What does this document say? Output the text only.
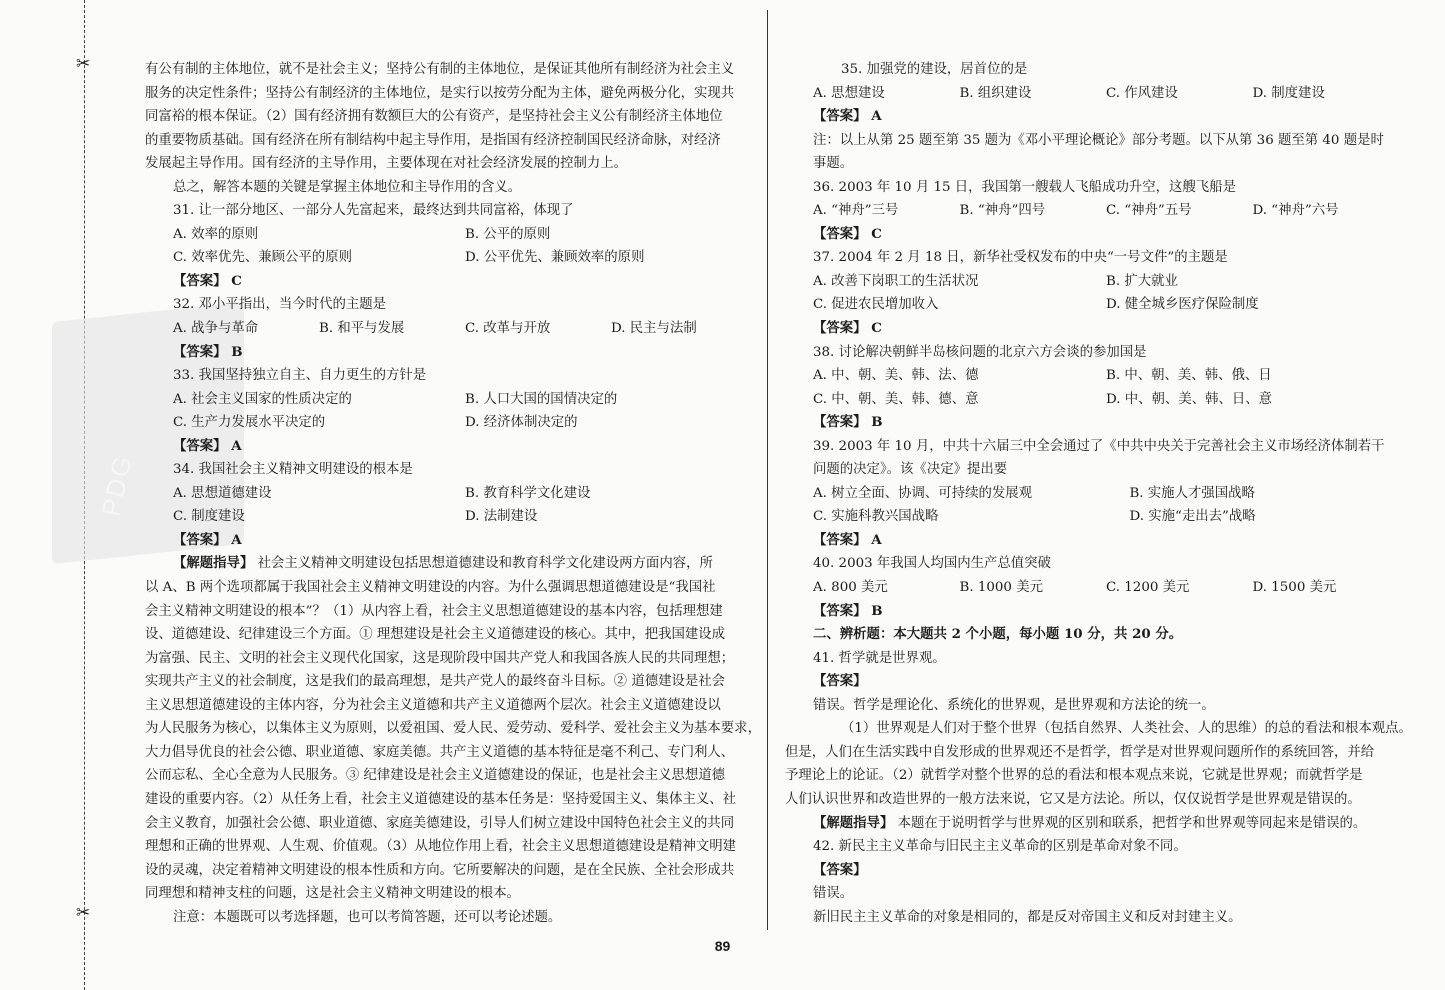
✂
✂
PDG

有公有制的主体地位，就不是社会主义；坚持公有制的主体地位，是保证其他所有制经济为社会主义

服务的决定性条件；坚持公有制经济的主体地位，是实行以按劳分配为主体，避免两极分化，实现共

同富裕的根本保证。（2）国有经济拥有数额巨大的公有资产，是坚持社会主义公有制经济主体地位

的重要物质基础。国有经济在所有制结构中起主导作用，是指国有经济控制国民经济命脉，对经济

发展起主导作用。国有经济的主导作用，主要体现在对社会经济发展的控制力上。

总之，解答本题的关键是掌握主体地位和主导作用的含义。

31. 让一部分地区、一部分人先富起来，最终达到共同富裕，体现了

A. 效率的原则	B. 公平的原则
C. 效率优先、兼顾公平的原则	D. 公平优先、兼顾效率的原则

【答案】 C

32. 邓小平指出，当今时代的主题是

A. 战争与革命	B. 和平与发展	C. 改革与开放	D. 民主与法制

【答案】 B

33. 我国坚持独立自主、自力更生的方针是

A. 社会主义国家的性质决定的	B. 人口大国的国情决定的
C. 生产力发展水平决定的	D. 经济体制决定的

【答案】 A

34. 我国社会主义精神文明建设的根本是

A. 思想道德建设	B. 教育科学文化建设
C. 制度建设	D. 法制建设

【答案】 A

【解题指导】 社会主义精神文明建设包括思想道德建设和教育科学文化建设两方面内容，所

以 A、B 两个选项都属于我国社会主义精神文明建设的内容。为什么强调思想道德建设是“我国社

会主义精神文明建设的根本”？（1）从内容上看，社会主义思想道德建设的基本内容，包括理想建

设、道德建设、纪律建设三个方面。① 理想建设是社会主义道德建设的核心。其中，把我国建设成

为富强、民主、文明的社会主义现代化国家，这是现阶段中国共产党人和我国各族人民的共同理想；

实现共产主义的社会制度，这是我们的最高理想，是共产党人的最终奋斗目标。② 道德建设是社会

主义思想道德建设的主体内容，分为社会主义道德和共产主义道德两个层次。社会主义道德建设以

为人民服务为核心，以集体主义为原则，以爱祖国、爱人民、爱劳动、爱科学、爱社会主义为基本要求，

大力倡导优良的社会公德、职业道德、家庭美德。共产主义道德的基本特征是毫不利己、专门利人、

公而忘私、全心全意为人民服务。③ 纪律建设是社会主义道德建设的保证，也是社会主义思想道德

建设的重要内容。（2）从任务上看，社会主义道德建设的基本任务是：坚持爱国主义、集体主义、社

会主义教育，加强社会公德、职业道德、家庭美德建设，引导人们树立建设中国特色社会主义的共同

理想和正确的世界观、人生观、价值观。（3）从地位作用上看，社会主义思想道德建设是精神文明建

设的灵魂，决定着精神文明建设的根本性质和方向。它所要解决的问题，是在全民族、全社会形成共

同理想和精神支柱的问题，这是社会主义精神文明建设的根本。

注意：本题既可以考选择题，也可以考简答题，还可以考论述题。

35. 加强党的建设，居首位的是

A. 思想建设	B. 组织建设	C. 作风建设	D. 制度建设

【答案】 A

注：以上从第 25 题至第 35 题为《邓小平理论概论》部分考题。以下从第 36 题至第 40 题是时

事题。

36. 2003 年 10 月 15 日，我国第一艘载人飞船成功升空，这艘飞船是

A. “神舟”三号	B. “神舟”四号	C. “神舟”五号	D. “神舟”六号

【答案】 C

37. 2004 年 2 月 18 日，新华社受权发布的中央“一号文件”的主题是

A. 改善下岗职工的生活状况	B. 扩大就业
C. 促进农民增加收入	D. 健全城乡医疗保险制度

【答案】 C

38. 讨论解决朝鲜半岛核问题的北京六方会谈的参加国是

A. 中、朝、美、韩、法、德	B. 中、朝、美、韩、俄、日
C. 中、朝、美、韩、德、意	D. 中、朝、美、韩、日、意

【答案】 B

39. 2003 年 10 月，中共十六届三中全会通过了《中共中央关于完善社会主义市场经济体制若干

问题的决定》。该《决定》提出要

A. 树立全面、协调、可持续的发展观	B. 实施人才强国战略
C. 实施科教兴国战略	D. 实施“走出去”战略

【答案】 A

40. 2003 年我国人均国内生产总值突破

A. 800 美元	B. 1000 美元	C. 1200 美元	D. 1500 美元

【答案】 B

二、辨析题：本大题共 2 个小题，每小题 10 分，共 20 分。

41. 哲学就是世界观。

【答案】

错误。哲学是理论化、系统化的世界观，是世界观和方法论的统一。

（1）世界观是人们对于整个世界（包括自然界、人类社会、人的思维）的总的看法和根本观点。

但是，人们在生活实践中自发形成的世界观还不是哲学，哲学是对世界观问题所作的系统回答，并给

予理论上的论证。（2）就哲学对整个世界的总的看法和根本观点来说，它就是世界观；而就哲学是

人们认识世界和改造世界的一般方法来说，它又是方法论。所以，仅仅说哲学是世界观是错误的。

【解题指导】 本题在于说明哲学与世界观的区别和联系，把哲学和世界观等同起来是错误的。

42. 新民主主义革命与旧民主主义革命的区别是革命对象不同。

【答案】

错误。

新旧民主主义革命的对象是相同的，都是反对帝国主义和反对封建主义。

89
